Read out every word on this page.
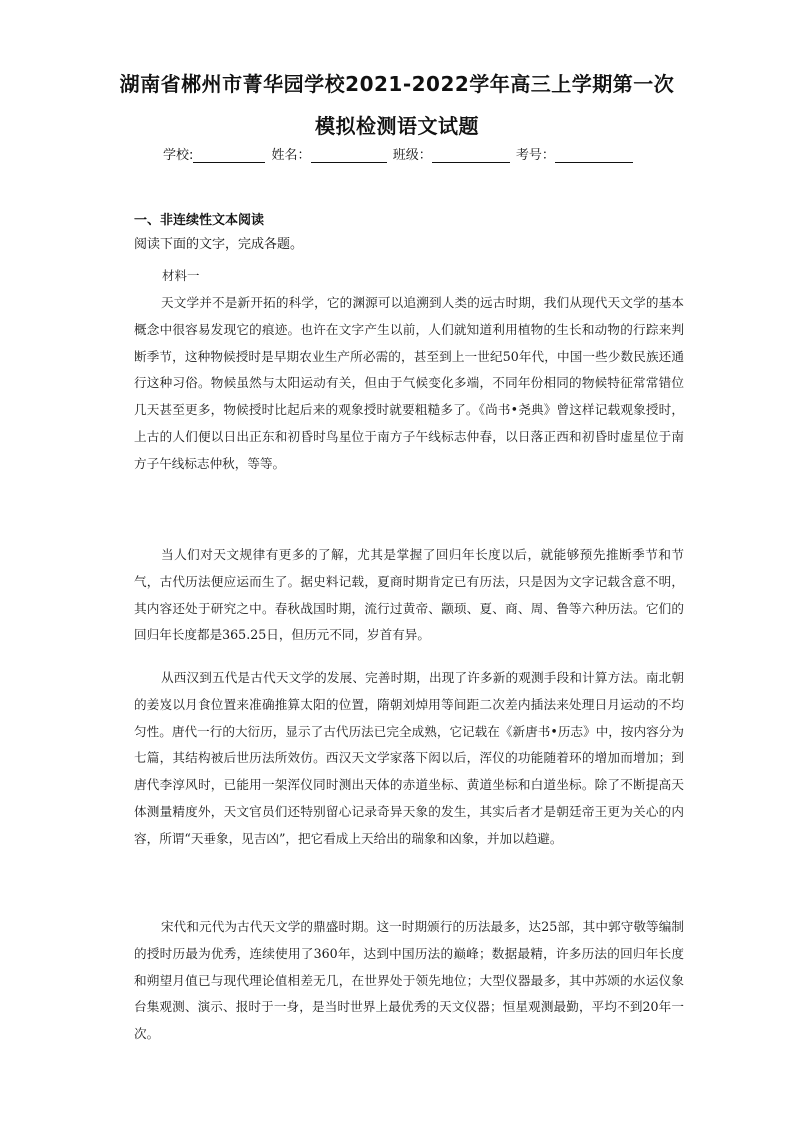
湖南省郴州市菁华园学校2021-2022学年高三上学期第一次
模拟检测语文试题
学校:	姓名：	班级：	考号：
一、非连续性文本阅读
阅读下面的文字，完成各题。
材料一

天文学并不是新开拓的科学，它的渊源可以追溯到人类的远古时期，我们从现代天文学的基本概念中很容易发现它的痕迹。也许在文字产生以前，人们就知道利用植物的生长和动物的行踪来判断季节，这种物候授时是早期农业生产所必需的，甚至到上一世纪50年代，中国一些少数民族还通行这种习俗。物候虽然与太阳运动有关，但由于气候变化多端，不同年份相同的物候特征常常错位几天甚至更多，物候授时比起后来的观象授时就要粗糙多了。《尚书•尧典》曾这样记载观象授时，上古的人们便以日出正东和初昏时鸟星位于南方子午线标志仲春，以日落正西和初昏时虚星位于南方子午线标志仲秋，等等。

当人们对天文规律有更多的了解，尤其是掌握了回归年长度以后，就能够预先推断季节和节气，古代历法便应运而生了。据史料记载，夏商时期肯定已有历法，只是因为文字记载含意不明，其内容还处于研究之中。春秋战国时期，流行过黄帝、颛顼、夏、商、周、鲁等六种历法。它们的回归年长度都是365.25日，但历元不同，岁首有异。

从西汉到五代是古代天文学的发展、完善时期，出现了许多新的观测手段和计算方法。南北朝的姜岌以月食位置来准确推算太阳的位置，隋朝刘焯用等间距二次差内插法来处理日月运动的不均匀性。唐代一行的大衍历，显示了古代历法已完全成熟，它记载在《新唐书•历志》中，按内容分为七篇，其结构被后世历法所效仿。西汉天文学家落下闳以后，浑仪的功能随着环的增加而增加；到唐代李淳风时，已能用一架浑仪同时测出天体的赤道坐标、黄道坐标和白道坐标。除了不断提高天体测量精度外，天文官员们还特别留心记录奇异天象的发生，其实后者才是朝廷帝王更为关心的内容，所谓“天垂象，见吉凶”，把它看成上天给出的瑞象和凶象，并加以趋避。

宋代和元代为古代天文学的鼎盛时期。这一时期颁行的历法最多，达25部，其中郭守敬等编制的授时历最为优秀，连续使用了360年，达到中国历法的巅峰；数据最精，许多历法的回归年长度和朔望月值已与现代理论值相差无几，在世界处于领先地位；大型仪器最多，其中苏颂的水运仪象台集观测、演示、报时于一身，是当时世界上最优秀的天文仪器；恒星观测最勤，平均不到20年一次。
